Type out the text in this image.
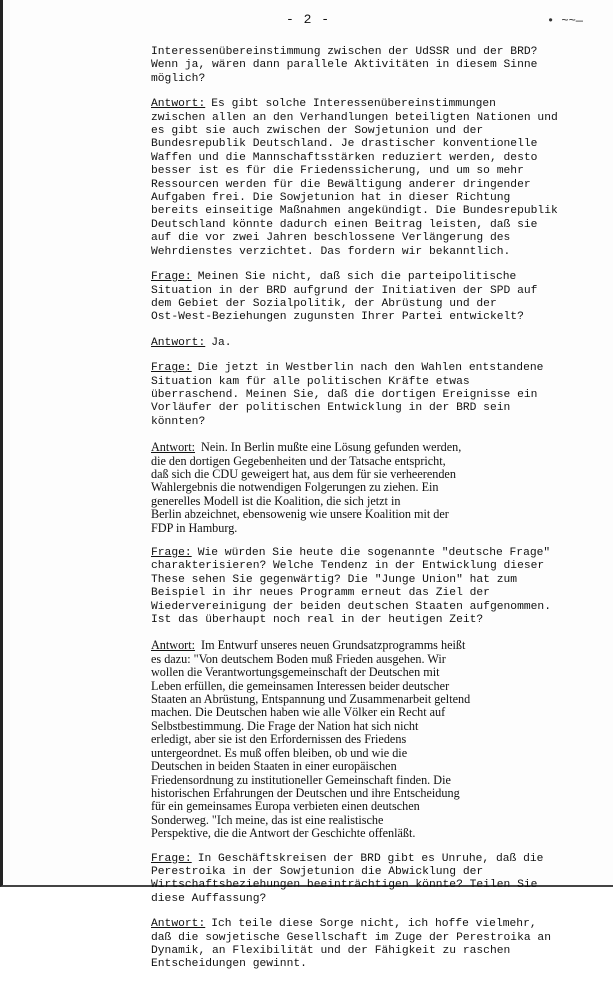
- 2 -	• ~~—

Interessenübereinstimmung zwischen der UdSSR und der BRD?
Wenn ja, wären dann parallele Aktivitäten in diesem Sinne
möglich?

Antwort: Es gibt solche Interessenübereinstimmungen
zwischen allen an den Verhandlungen beteiligten Nationen und
es gibt sie auch zwischen der Sowjetunion und der
Bundesrepublik Deutschland. Je drastischer konventionelle
Waffen und die Mannschaftsstärken reduziert werden, desto
besser ist es für die Friedenssicherung, und um so mehr
Ressourcen werden für die Bewältigung anderer dringender
Aufgaben frei. Die Sowjetunion hat in dieser Richtung
bereits einseitige Maßnahmen angekündigt. Die Bundesrepublik
Deutschland könnte dadurch einen Beitrag leisten, daß sie
auf die vor zwei Jahren beschlossene Verlängerung des
Wehrdienstes verzichtet. Das fordern wir bekanntlich.

Frage: Meinen Sie nicht, daß sich die parteipolitische
Situation in der BRD aufgrund der Initiativen der SPD auf
dem Gebiet der Sozialpolitik, der Abrüstung und der
Ost-West-Beziehungen zugunsten Ihrer Partei entwickelt?

Antwort: Ja.

Frage: Die jetzt in Westberlin nach den Wahlen entstandene
Situation kam für alle politischen Kräfte etwas
überraschend. Meinen Sie, daß die dortigen Ereignisse ein
Vorläufer der politischen Entwicklung in der BRD sein
könnten?

Antwort: Nein. In Berlin mußte eine Lösung gefunden werden,
die den dortigen Gegebenheiten und der Tatsache entspricht,
daß sich die CDU geweigert hat, aus dem für sie verheerenden
Wahlergebnis die notwendigen Folgerungen zu ziehen. Ein
generelles Modell ist die Koalition, die sich jetzt in
Berlin abzeichnet, ebensowenig wie unsere Koalition mit der
FDP in Hamburg.

Frage: Wie würden Sie heute die sogenannte "deutsche Frage"
charakterisieren? Welche Tendenz in der Entwicklung dieser
These sehen Sie gegenwärtig? Die "Junge Union" hat zum
Beispiel in ihr neues Programm erneut das Ziel der
Wiedervereinigung der beiden deutschen Staaten aufgenommen.
Ist das überhaupt noch real in der heutigen Zeit?

Antwort: Im Entwurf unseres neuen Grundsatzprogramms heißt
es dazu: "Von deutschem Boden muß Frieden ausgehen. Wir
wollen die Verantwortungsgemeinschaft der Deutschen mit
Leben erfüllen, die gemeinsamen Interessen beider deutscher
Staaten an Abrüstung, Entspannung und Zusammenarbeit geltend
machen. Die Deutschen haben wie alle Völker ein Recht auf
Selbstbestimmung. Die Frage der Nation hat sich nicht
erledigt, aber sie ist den Erfordernissen des Friedens
untergeordnet. Es muß offen bleiben, ob und wie die
Deutschen in beiden Staaten in einer europäischen
Friedensordnung zu institutioneller Gemeinschaft finden. Die
historischen Erfahrungen der Deutschen und ihre Entscheidung
für ein gemeinsames Europa verbieten einen deutschen
Sonderweg. "Ich meine, das ist eine realistische
Perspektive, die die Antwort der Geschichte offenläßt.

Frage: In Geschäftskreisen der BRD gibt es Unruhe, daß die
Perestroika in der Sowjetunion die Abwicklung der
Wirtschaftsbeziehungen beeinträchtigen könnte? Teilen Sie
diese Auffassung?

Antwort: Ich teile diese Sorge nicht, ich hoffe vielmehr,
daß die sowjetische Gesellschaft im Zuge der Perestroika an
Dynamik, an Flexibilität und der Fähigkeit zu raschen
Entscheidungen gewinnt.
